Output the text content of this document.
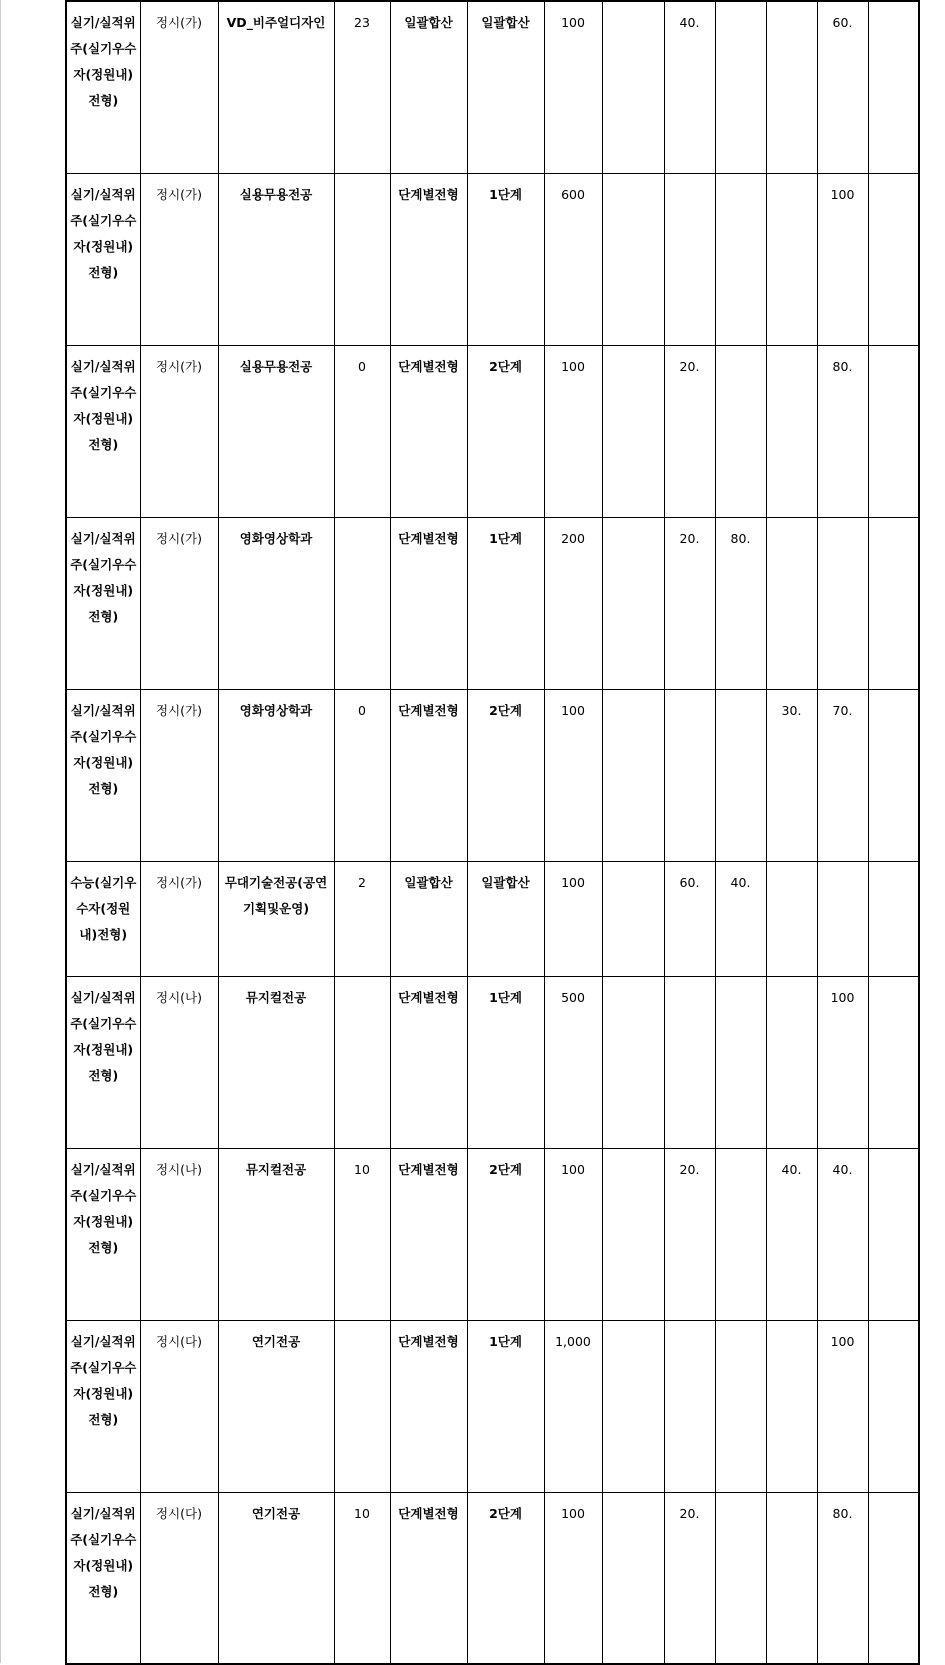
실기/실적위주(실기우수자(정원내)전형)	정시(가)	VD_비주얼디자인	23	일괄합산	일괄합산	100		40.			60.	
실기/실적위주(실기우수자(정원내)전형)	정시(가)	실용무용전공		단계별전형	1단계	600					100	
실기/실적위주(실기우수자(정원내)전형)	정시(가)	실용무용전공	0	단계별전형	2단계	100		20.			80.	
실기/실적위주(실기우수자(정원내)전형)	정시(가)	영화영상학과		단계별전형	1단계	200		20.	80.			
실기/실적위주(실기우수자(정원내)전형)	정시(가)	영화영상학과	0	단계별전형	2단계	100				30.	70.	
수능(실기우수자(정원내)전형)	정시(가)	무대기술전공(공연기획및운영)	2	일괄합산	일괄합산	100		60.	40.			
실기/실적위주(실기우수자(정원내)전형)	정시(나)	뮤지컬전공		단계별전형	1단계	500					100	
실기/실적위주(실기우수자(정원내)전형)	정시(나)	뮤지컬전공	10	단계별전형	2단계	100		20.		40.	40.	
실기/실적위주(실기우수자(정원내)전형)	정시(다)	연기전공		단계별전형	1단계	1,000					100	
실기/실적위주(실기우수자(정원내)전형)	정시(다)	연기전공	10	단계별전형	2단계	100		20.			80.	
